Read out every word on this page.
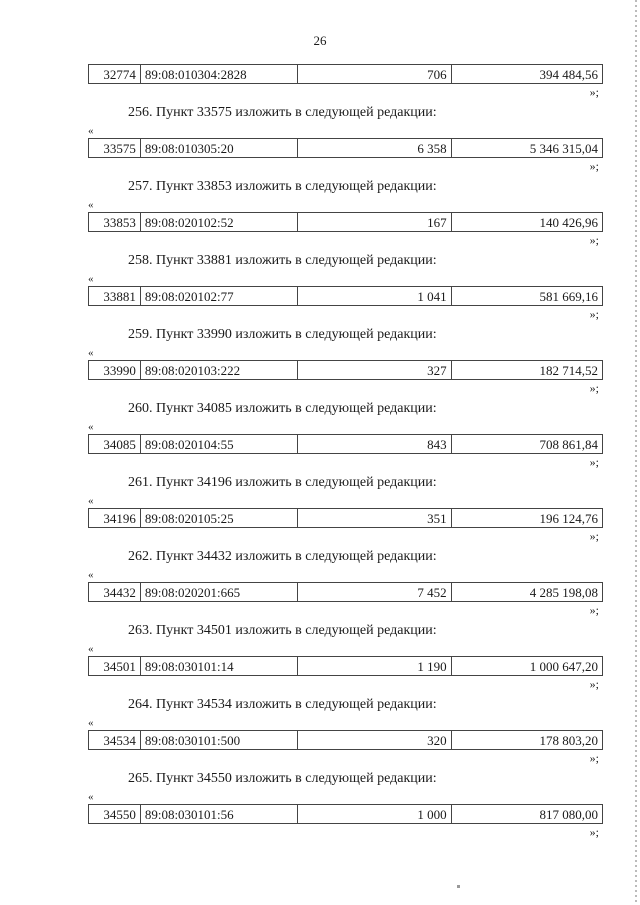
26
32774 89:08:010304:2828	706	394 484,56
»;
256. Пункт 33575 изложить в следующей редакции:
«
33575 89:08:010305:20	6 358	5 346 315,04
»;
257. Пункт 33853 изложить в следующей редакции:
«
33853 89:08:020102:52	167	140 426,96
»;
258. Пункт 33881 изложить в следующей редакции:
«
33881 89:08:020102:77	1 041	581 669,16
»;
259. Пункт 33990 изложить в следующей редакции:
«
33990 89:08:020103:222	327	182 714,52
»;
260. Пункт 34085 изложить в следующей редакции:
«
34085 89:08:020104:55	843	708 861,84
»;
261. Пункт 34196 изложить в следующей редакции:
«
34196 89:08:020105:25	351	196 124,76
»;
262. Пункт 34432 изложить в следующей редакции:
«
34432 89:08:020201:665	7 452	4 285 198,08
»;
263. Пункт 34501 изложить в следующей редакции:
«
34501 89:08:030101:14	1 190	1 000 647,20
»;
264. Пункт 34534 изложить в следующей редакции:
«
34534 89:08:030101:500	320	178 803,20
»;
265. Пункт 34550 изложить в следующей редакции:
«
34550 89:08:030101:56	1 000	817 080,00
»;
